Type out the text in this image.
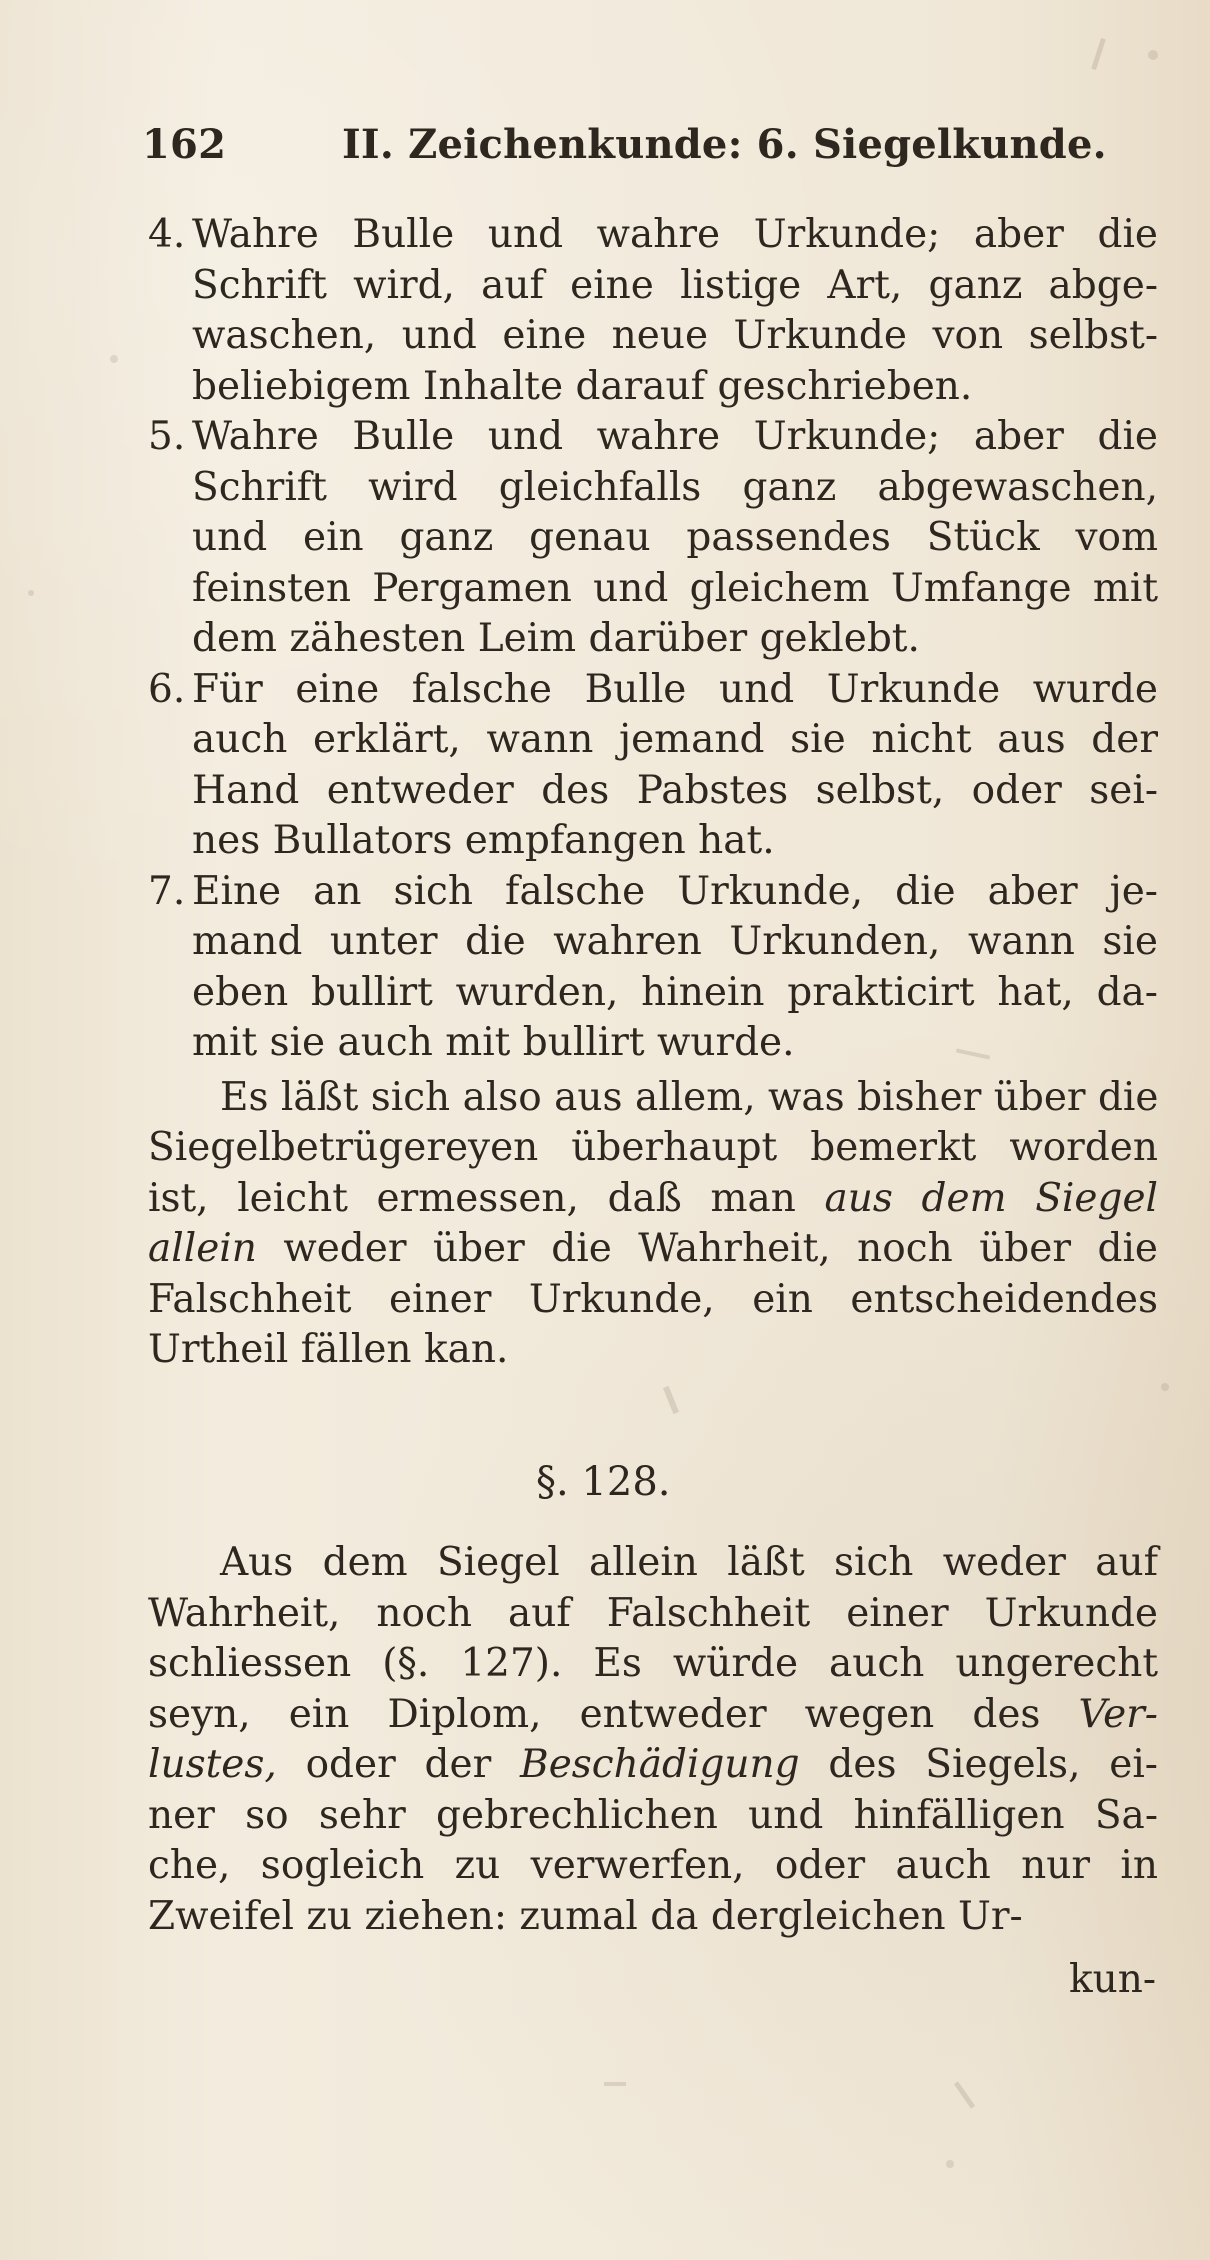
162	II. Zeichenkunde: 6. Siegelkunde.
4. Wahre Bulle und wahre Urkunde; aber die
Schrift wird, auf eine listige Art, ganz abge-
waschen, und eine neue Urkunde von selbst-
beliebigem Inhalte darauf geschrieben.
5. Wahre Bulle und wahre Urkunde; aber die
Schrift wird gleichfalls ganz abgewaschen,
und ein ganz genau passendes Stück vom
feinsten Pergamen und gleichem Umfange mit
dem zähesten Leim darüber geklebt.
6. Für eine falsche Bulle und Urkunde wurde
auch erklärt, wann jemand sie nicht aus der
Hand entweder des Pabstes selbst, oder sei-
nes Bullators empfangen hat.
7. Eine an sich falsche Urkunde, die aber je-
mand unter die wahren Urkunden, wann sie
eben bullirt wurden, hinein prakticirt hat, da-
mit sie auch mit bullirt wurde.
Es läßt sich also aus allem, was bisher über die
Siegelbetrügereyen überhaupt bemerkt worden
ist, leicht ermessen, daß man aus dem Siegel
allein weder über die Wahrheit, noch über die
Falschheit einer Urkunde, ein entscheidendes
Urtheil fällen kan.
§. 128.
Aus dem Siegel allein läßt sich weder auf
Wahrheit, noch auf Falschheit einer Urkunde
schliessen (§. 127). Es würde auch ungerecht
seyn, ein Diplom, entweder wegen des Ver-
lustes, oder der Beschädigung des Siegels, ei-
ner so sehr gebrechlichen und hinfälligen Sa-
che, sogleich zu verwerfen, oder auch nur in
Zweifel zu ziehen: zumal da dergleichen Ur-
kun-
